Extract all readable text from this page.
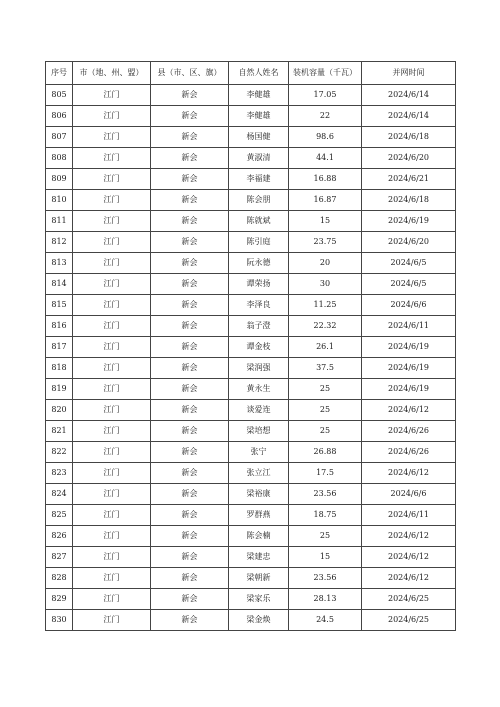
序号	市（地、州、盟）	县（市、区、旗）	自然人姓名	装机容量（千瓦）	并网时间
805	江门	新会	李健雄	17.05	2024/6/14
806	江门	新会	李健雄	22	2024/6/14
807	江门	新会	杨国健	98.6	2024/6/18
808	江门	新会	黄淑清	44.1	2024/6/20
809	江门	新会	李福建	16.88	2024/6/21
810	江门	新会	陈会朋	16.87	2024/6/18
811	江门	新会	陈就斌	15	2024/6/19
812	江门	新会	陈引庭	23.75	2024/6/20
813	江门	新会	阮永德	20	2024/6/5
814	江门	新会	谭荣扬	30	2024/6/5
815	江门	新会	李泽良	11.25	2024/6/6
816	江门	新会	翁子澄	22.32	2024/6/11
817	江门	新会	谭金枝	26.1	2024/6/19
818	江门	新会	梁润强	37.5	2024/6/19
819	江门	新会	黄永生	25	2024/6/19
820	江门	新会	谈爱连	25	2024/6/12
821	江门	新会	梁培想	25	2024/6/26
822	江门	新会	张宁	26.88	2024/6/26
823	江门	新会	张立江	17.5	2024/6/12
824	江门	新会	梁裕康	23.56	2024/6/6
825	江门	新会	罗群燕	18.75	2024/6/11
826	江门	新会	陈会楠	25	2024/6/12
827	江门	新会	梁建忠	15	2024/6/12
828	江门	新会	梁朝新	23.56	2024/6/12
829	江门	新会	梁家乐	28.13	2024/6/25
830	江门	新会	梁金焕	24.5	2024/6/25
